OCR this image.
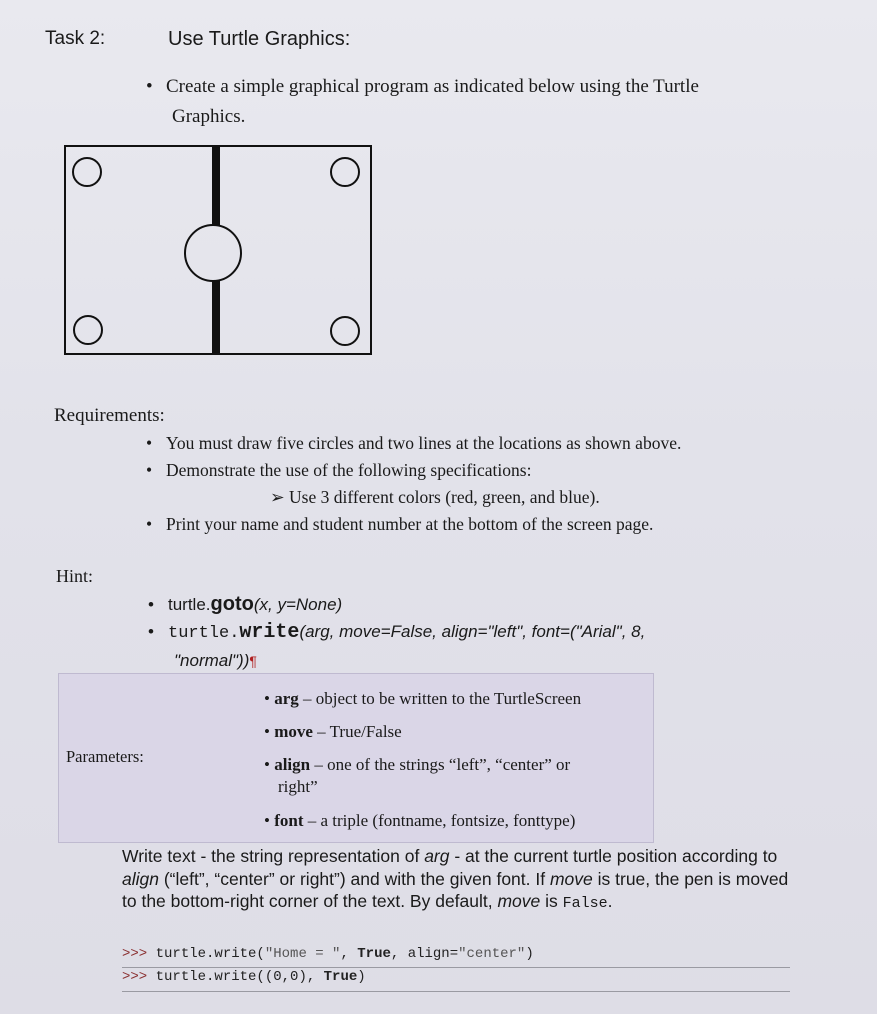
Task 2:	Use Turtle Graphics:
• Create a simple graphical program as indicated below using the Turtle
Graphics.
Requirements:
• You must draw five circles and two lines at the locations as shown above.
• Demonstrate the use of the following specifications:
➢ Use 3 different colors (red, green, and blue).
• Print your name and student number at the bottom of the screen page.
Hint:
• turtle.goto(x, y=None)
• turtle.write(arg, move=False, align="left", font=("Arial", 8,
"normal"))¶
Parameters:
• arg – object to be written to the TurtleScreen
• move – True/False
• align – one of the strings “left”, “center” or
right”
• font – a triple (fontname, fontsize, fonttype)
Write text - the string representation of arg - at the current turtle position according to align (“left”, “center” or right”) and with the given font. If move is true, the pen is moved to the bottom-right corner of the text. By default, move is False.
>>> turtle.write("Home = ", True, align="center")
>>> turtle.write((0,0), True)
